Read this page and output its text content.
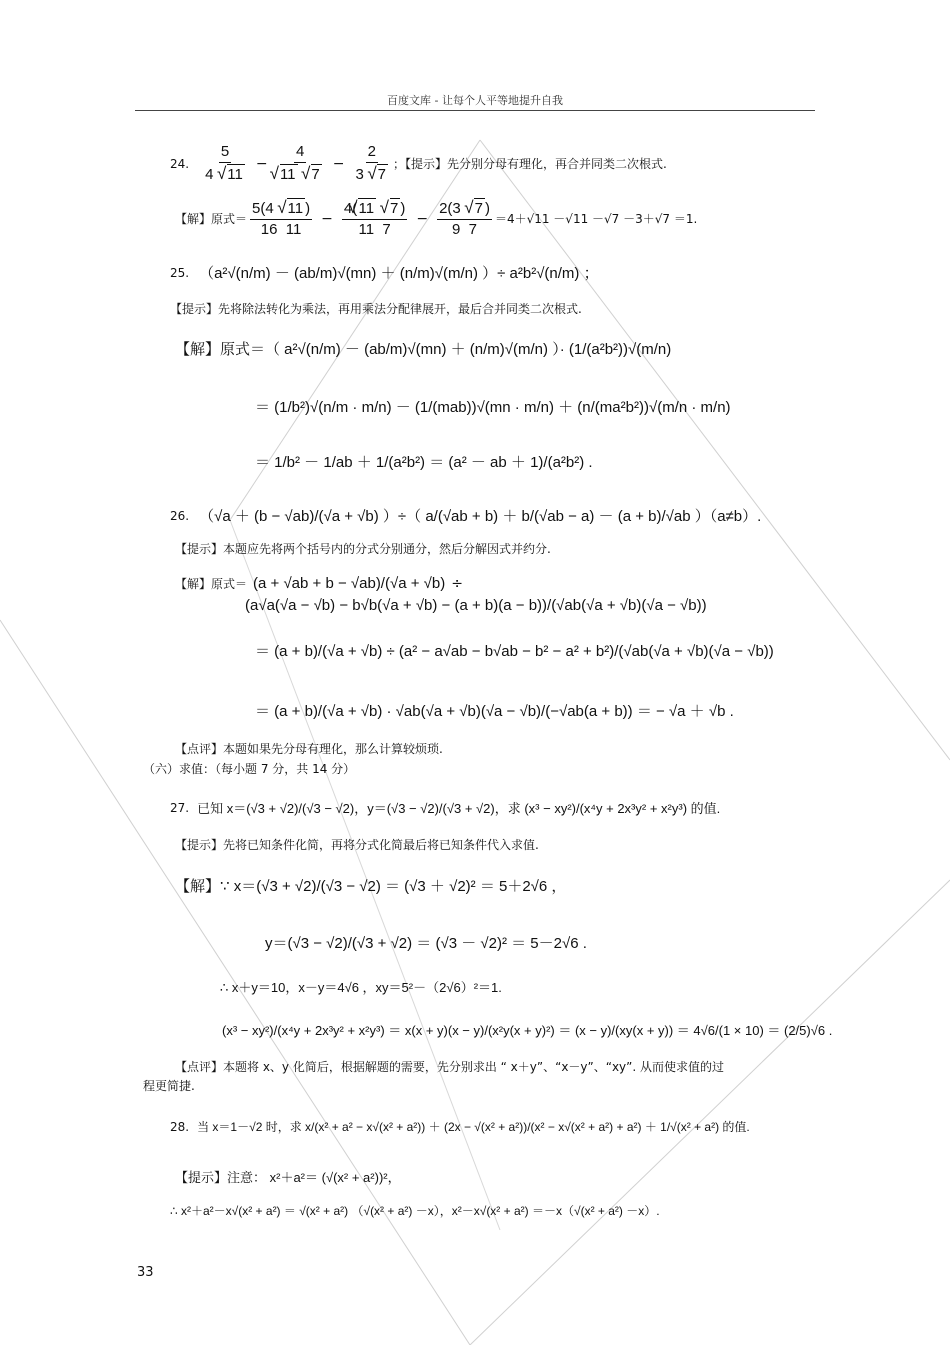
百度文库 - 让每个人平等地提升自我
24. $\frac{5}{4 √ 11} - 4$
√ 11 √ $7 - \frac{2}{3 √ 7}$ ；【提示】先分别分母有理化，再合并同类二次根式.
【解】原式＝ $\frac{5(4 √ 11 )}{16 11} - \frac{4(√ 11 √ 7 )}{11 7} - \frac{2(3 √ 7 )}{9 7} =4+√11 -√11 -√7 -3+√7 =1$.
25. （a²√(n/m) － (ab/m)√(mn) ＋ (n/m)√(m/n) ）÷ a²b²√(n/m) ；
【提示】先将除法转化为乘法，再用乘法分配律展开，最后合并同类二次根式.
【解】原式＝（ a²√(n/m) － (ab/m)√(mn) ＋ (n/m)√(m/n) ）· (1/(a²b²))√(m/n)
＝ (1/b²)√(n/m · m/n) － (1/(mab))√(mn · m/n) ＋ (n/(ma²b²))√(m/n · m/n)
＝ 1/b² － 1/ab ＋ 1/(a²b²) ＝ (a² － ab ＋ 1)/(a²b²) .
26. （√a ＋ (b − √ab)/(√a + √b) ）÷（ a/(√ab + b) ＋ b/(√ab − a) － (a + b)/√ab ）（a≠b）.
【提示】本题应先将两个括号内的分式分别通分，然后分解因式并约分.
【解】原式＝ (a + √ab + b − √ab)/(√a + √b) ÷
(a√a(√a − √b) − b√b(√a + √b) − (a + b)(a − b))/(√ab(√a + √b)(√a − √b))
＝ (a + b)/(√a + √b) ÷ (a² − a√ab − b√ab − b² − a² + b²)/(√ab(√a + √b)(√a − √b))
＝ (a + b)/(√a + √b) · √ab(√a + √b)(√a − √b)/(−√ab(a + b)) ＝ − √a ＋ √b .
【点评】本题如果先分母有理化，那么计算较烦琐.
（六）求值：（每小题 7 分，共 14 分）
27. 已知 x＝(√3 + √2)/(√3 − √2)，y＝(√3 − √2)/(√3 + √2)，求 (x³ − xy²)/(x⁴y + 2x³y² + x²y³) 的值.
【提示】先将已知条件化简，再将分式化简最后将已知条件代入求值.
【解】∵ x＝(√3 + √2)/(√3 − √2) ＝ (√3 ＋ √2)² ＝ 5＋2√6 ，
y＝(√3 − √2)/(√3 + √2) ＝ (√3 － √2)² ＝ 5－2√6 .
∴ x＋y＝10，x－y＝4√6 ，xy＝5²－（2√6）²＝1.
(x³ − xy²)/(x⁴y + 2x³y² + x²y³) ＝ x(x + y)(x − y)/(x²y(x + y)²) ＝ (x − y)/(xy(x + y)) ＝ 4√6/(1 × 10) ＝ (2/5)√6 .
【点评】本题将 x、y 化简后，根据解题的需要，先分别求出 “ x＋y”、“x－y”、“xy”. 从而使求值的过
程更简捷.
28. 当 x＝1－√2 时，求 x/(x² + a² − x√(x² + a²)) ＋ (2x − √(x² + a²))/(x² − x√(x² + a²) + a²) ＋ 1/√(x² + a²) 的值.
【提示】注意： x²＋a²＝ (√(x² + a²))²，
∴ x²＋a²－x√(x² + a²) ＝ √(x² + a²) （√(x² + a²) －x），x²－x√(x² + a²) ＝－x（√(x² + a²) －x）.
33
